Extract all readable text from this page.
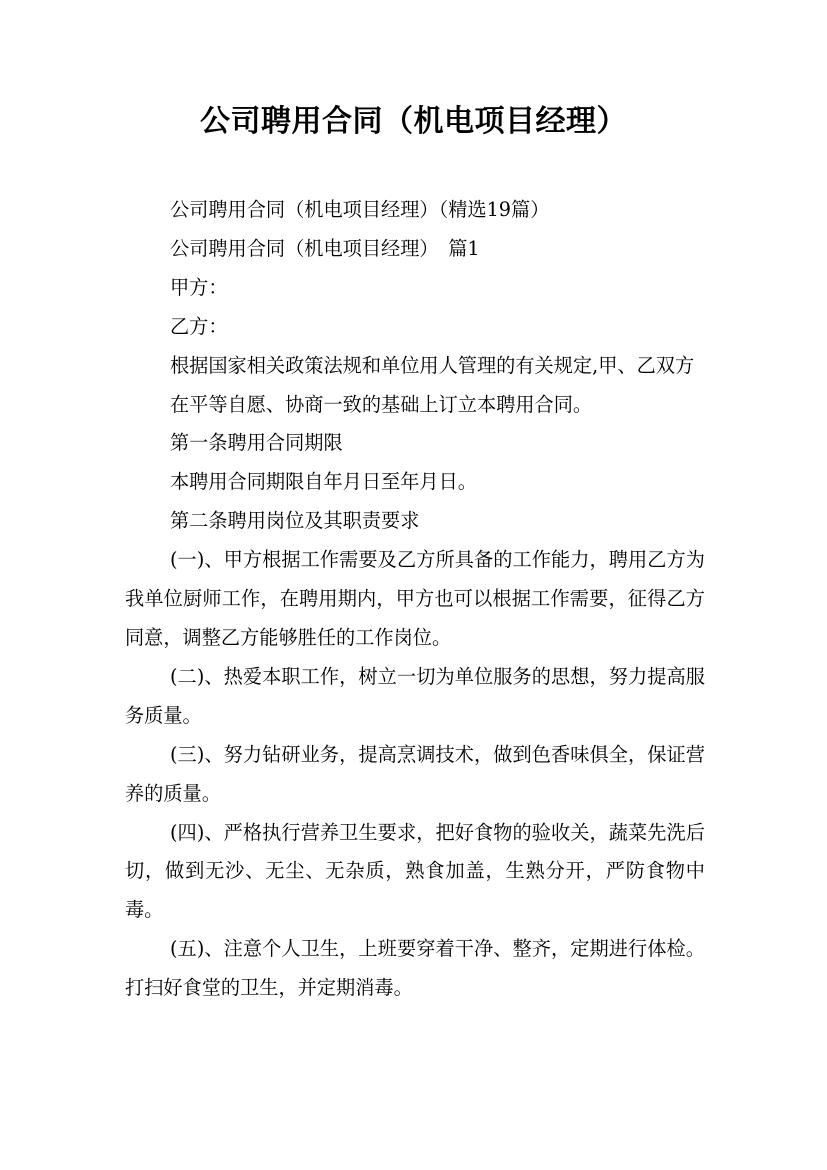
公司聘用合同（机电项目经理）

公司聘用合同（机电项目经理）（精选19篇）

公司聘用合同（机电项目经理）　篇1

甲方：

乙方：

根据国家相关政策法规和单位用人管理的有关规定,甲、乙双方

在平等自愿、协商一致的基础上订立本聘用合同。

第一条聘用合同期限

本聘用合同期限自年月日至年月日。

第二条聘用岗位及其职责要求

(一)、甲方根据工作需要及乙方所具备的工作能力，聘用乙方为我单位厨师工作，在聘用期内，甲方也可以根据工作需要，征得乙方同意，调整乙方能够胜任的工作岗位。

(二)、热爱本职工作，树立一切为单位服务的思想，努力提高服务质量。

(三)、努力钻研业务，提高烹调技术，做到色香味俱全，保证营养的质量。

(四)、严格执行营养卫生要求，把好食物的验收关，蔬菜先洗后切，做到无沙、无尘、无杂质，熟食加盖，生熟分开，严防食物中毒。

(五)、注意个人卫生，上班要穿着干净、整齐，定期进行体检。打扫好食堂的卫生，并定期消毒。
